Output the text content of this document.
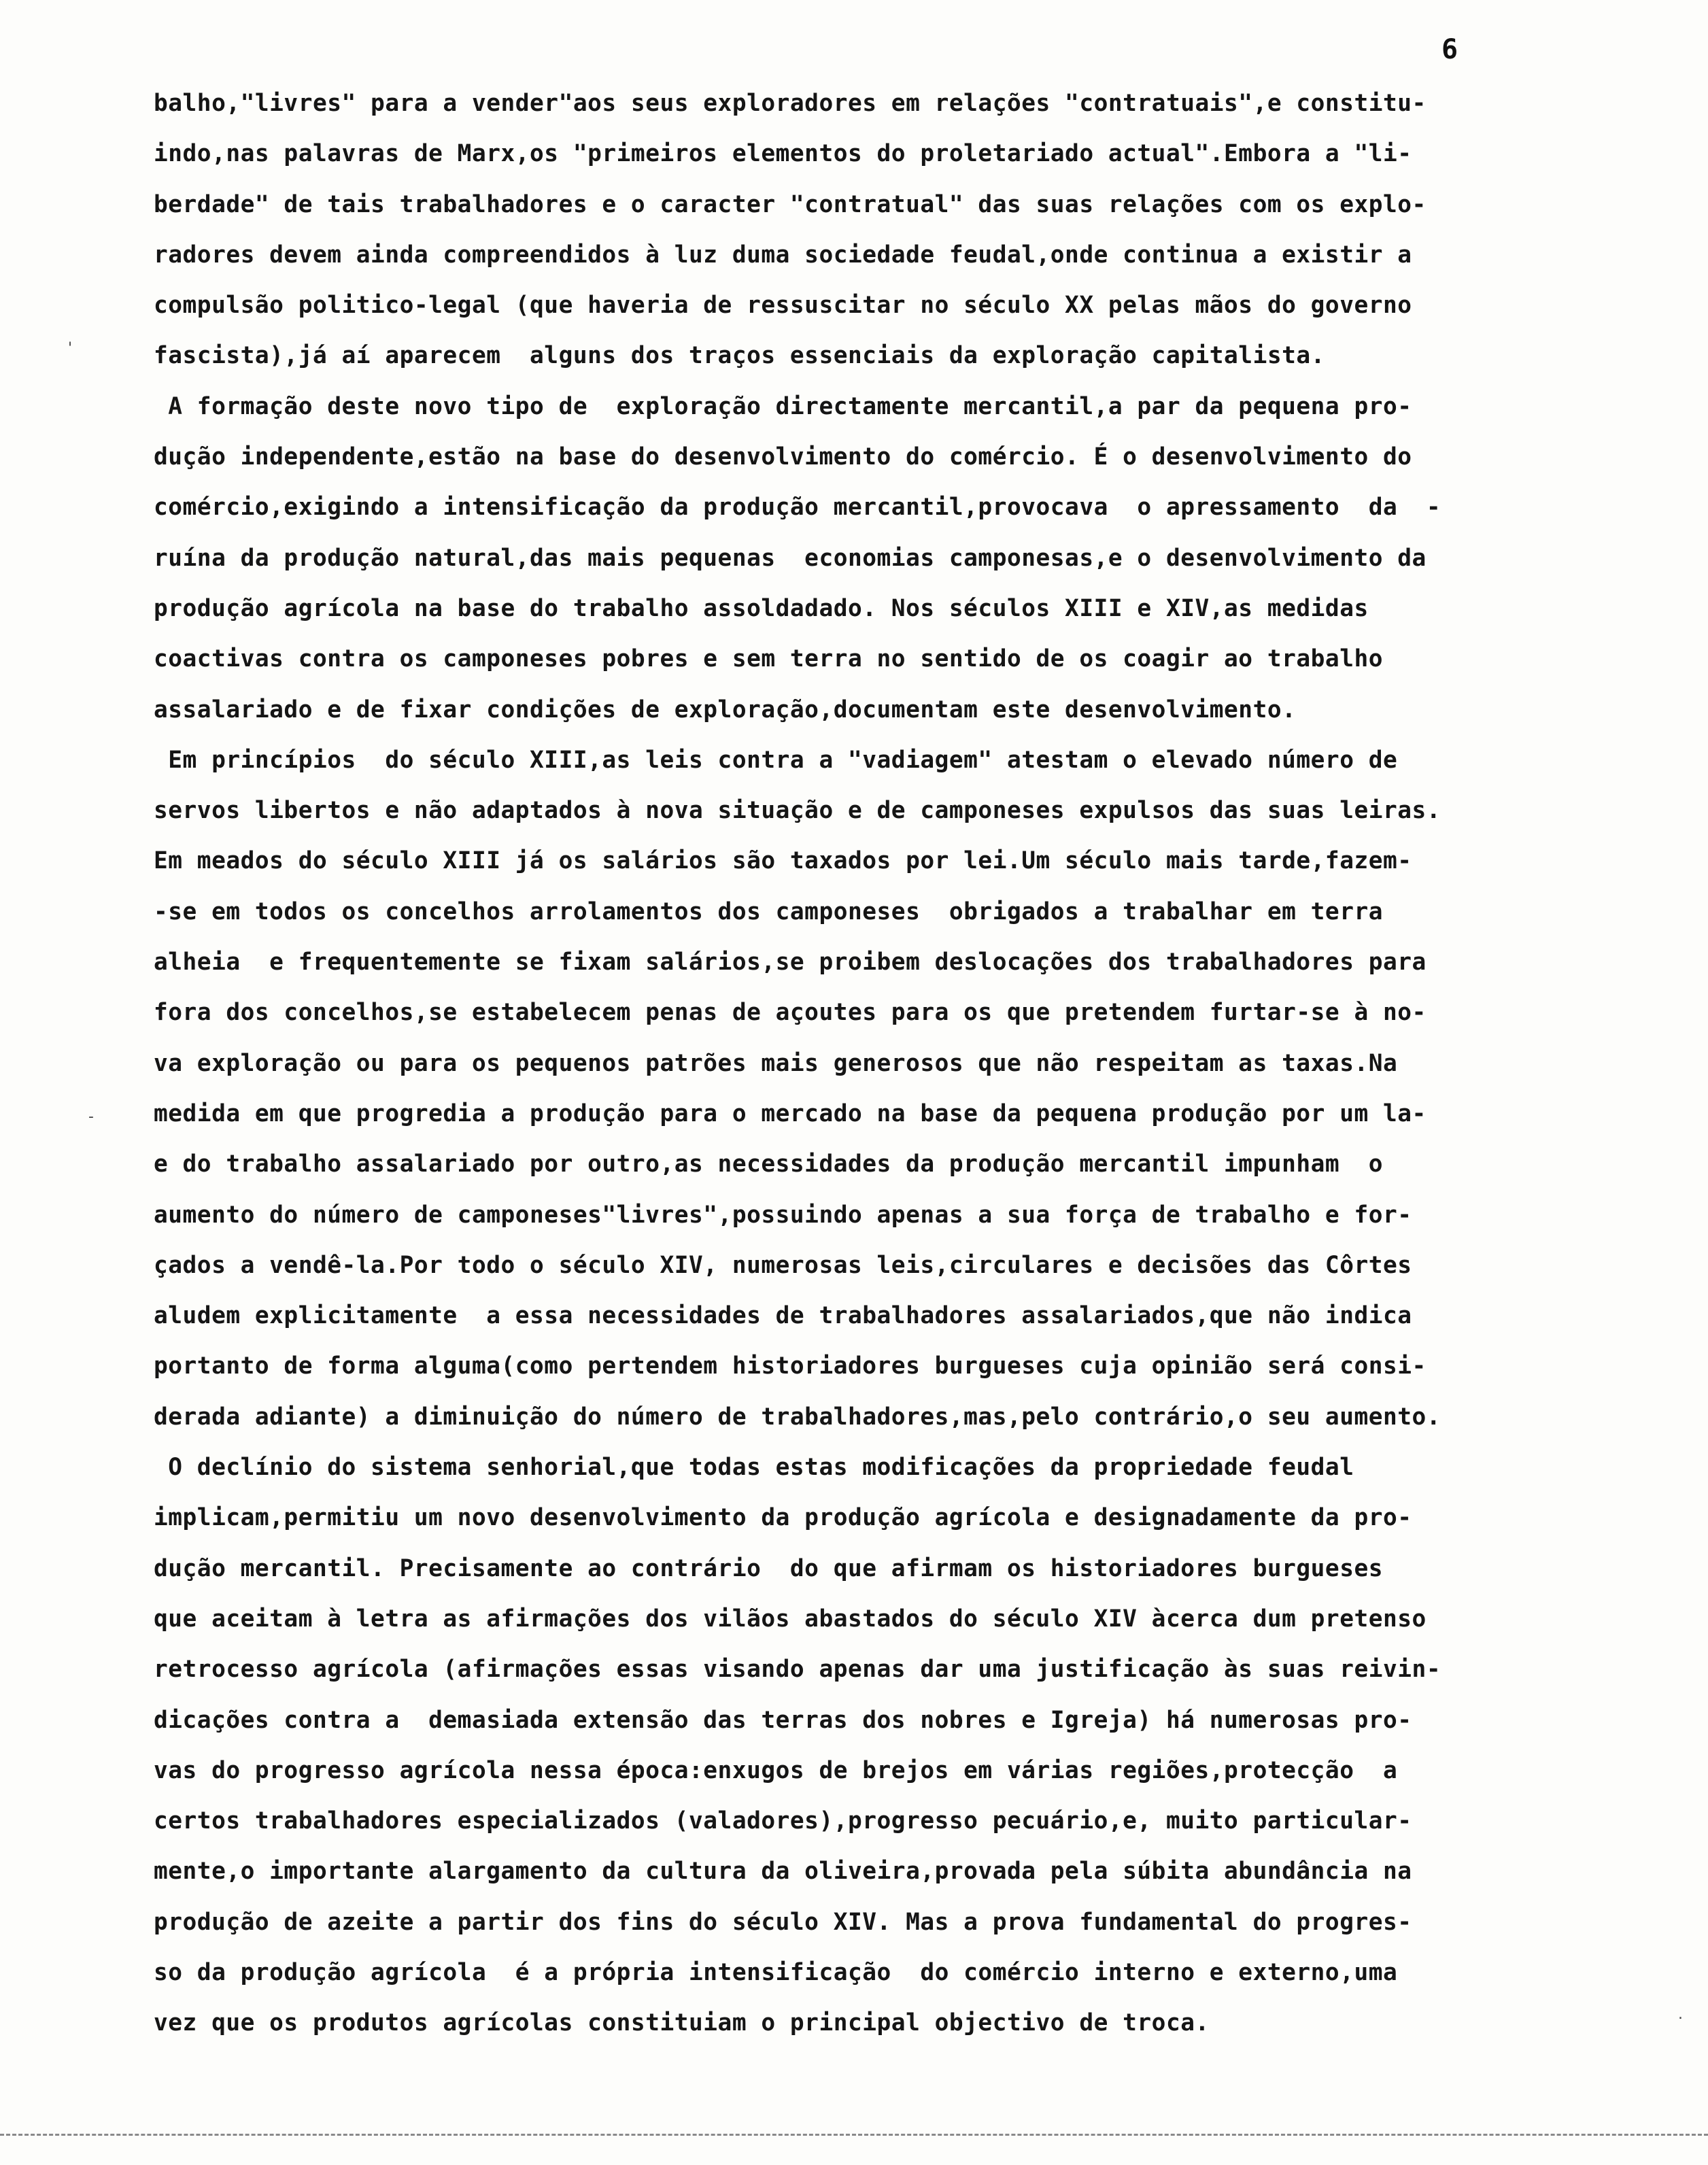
6
'
-
.
balho,"livres" para a vender"aos seus exploradores em relações "contratuais",e constitu-
indo,nas palavras de Marx,os "primeiros elementos do proletariado actual".Embora a "li-
berdade" de tais trabalhadores e o caracter "contratual" das suas relações com os explo-
radores devem ainda compreendidos à luz duma sociedade feudal,onde continua a existir a
compulsão politico-legal (que haveria de ressuscitar no século XX pelas mãos do governo
fascista),já aí aparecem  alguns dos traços essenciais da exploração capitalista.
A formação deste novo tipo de  exploração directamente mercantil,a par da pequena pro-
dução independente,estão na base do desenvolvimento do comércio. É o desenvolvimento do
comércio,exigindo a intensificação da produção mercantil,provocava  o apressamento  da  -
ruína da produção natural,das mais pequenas  economias camponesas,e o desenvolvimento da
produção agrícola na base do trabalho assoldadado. Nos séculos XIII e XIV,as medidas
coactivas contra os camponeses pobres e sem terra no sentido de os coagir ao trabalho
assalariado e de fixar condições de exploração,documentam este desenvolvimento.
Em princípios  do século XIII,as leis contra a "vadiagem" atestam o elevado número de
servos libertos e não adaptados à nova situação e de camponeses expulsos das suas leiras.
Em meados do século XIII já os salários são taxados por lei.Um século mais tarde,fazem-
-se em todos os concelhos arrolamentos dos camponeses  obrigados a trabalhar em terra
alheia  e frequentemente se fixam salários,se proibem deslocações dos trabalhadores para
fora dos concelhos,se estabelecem penas de açoutes para os que pretendem furtar-se à no-
va exploração ou para os pequenos patrões mais generosos que não respeitam as taxas.Na
medida em que progredia a produção para o mercado na base da pequena produção por um la-
e do trabalho assalariado por outro,as necessidades da produção mercantil impunham  o
aumento do número de camponeses"livres",possuindo apenas a sua força de trabalho e for-
çados a vendê-la.Por todo o século XIV, numerosas leis,circulares e decisões das Côrtes
aludem explicitamente  a essa necessidades de trabalhadores assalariados,que não indica
portanto de forma alguma(como pertendem historiadores burgueses cuja opinião será consi-
derada adiante) a diminuição do número de trabalhadores,mas,pelo contrário,o seu aumento.
O declínio do sistema senhorial,que todas estas modificações da propriedade feudal
implicam,permitiu um novo desenvolvimento da produção agrícola e designadamente da pro-
dução mercantil. Precisamente ao contrário  do que afirmam os historiadores burgueses
que aceitam à letra as afirmações dos vilãos abastados do século XIV àcerca dum pretenso
retrocesso agrícola (afirmações essas visando apenas dar uma justificação às suas reivin-
dicações contra a  demasiada extensão das terras dos nobres e Igreja) há numerosas pro-
vas do progresso agrícola nessa época:enxugos de brejos em várias regiões,protecção  a
certos trabalhadores especializados (valadores),progresso pecuário,e, muito particular-
mente,o importante alargamento da cultura da oliveira,provada pela súbita abundância na
produção de azeite a partir dos fins do século XIV. Mas a prova fundamental do progres-
so da produção agrícola  é a própria intensificação  do comércio interno e externo,uma
vez que os produtos agrícolas constituiam o principal objectivo de troca.
